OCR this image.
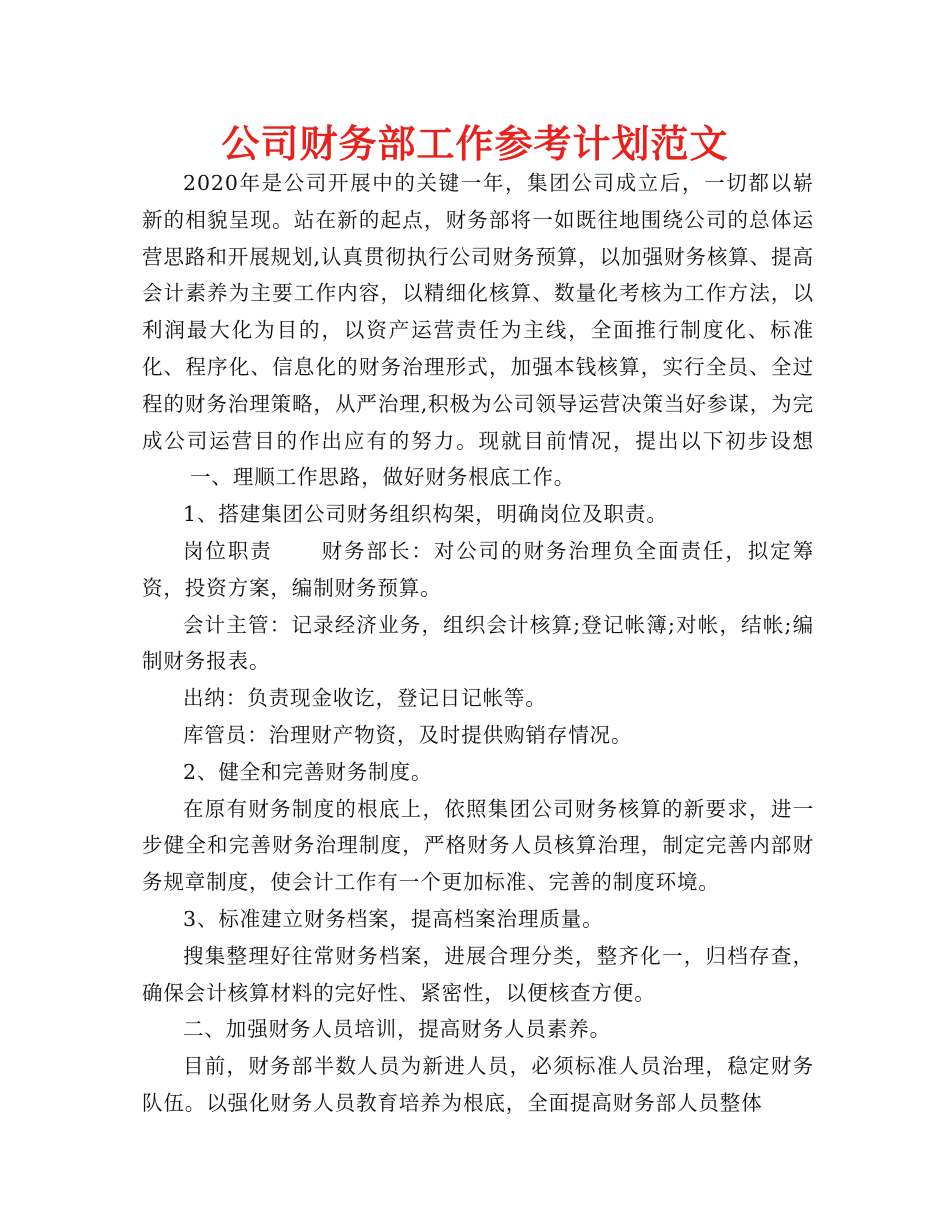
公司财务部工作参考计划范文

2020年是公司开展中的关键一年，集团公司成立后，一切都以崭新的相貌呈现。站在新的起点，财务部将一如既往地围绕公司的总体运营思路和开展规划,认真贯彻执行公司财务预算，以加强财务核算、提高会计素养为主要工作内容，以精细化核算、数量化考核为工作方法，以利润最大化为目的，以资产运营责任为主线，全面推行制度化、标准化、程序化、信息化的财务治理形式，加强本钱核算，实行全员、全过程的财务治理策略，从严治理,积极为公司领导运营决策当好参谋，为完成公司运营目的作出应有的努力。现就目前情况，提出以下初步设想一、理顺工作思路，做好财务根底工作。

1、搭建集团公司财务组织构架，明确岗位及职责。

岗位职责 财务部长：对公司的财务治理负全面责任，拟定筹资，投资方案，编制财务预算。

会计主管：记录经济业务，组织会计核算;登记帐簿;对帐，结帐;编制财务报表。

出纳：负责现金收讫，登记日记帐等。

库管员：治理财产物资，及时提供购销存情况。

2、健全和完善财务制度。

在原有财务制度的根底上，依照集团公司财务核算的新要求，进一步健全和完善财务治理制度，严格财务人员核算治理，制定完善内部财务规章制度，使会计工作有一个更加标准、完善的制度环境。

3、标准建立财务档案，提高档案治理质量。

搜集整理好往常财务档案，进展合理分类，整齐化一，归档存查，确保会计核算材料的完好性、紧密性，以便核查方便。

二、加强财务人员培训，提高财务人员素养。

目前，财务部半数人员为新进人员，必须标准人员治理，稳定财务队伍。以强化财务人员教育培养为根底，全面提高财务部人员整体
